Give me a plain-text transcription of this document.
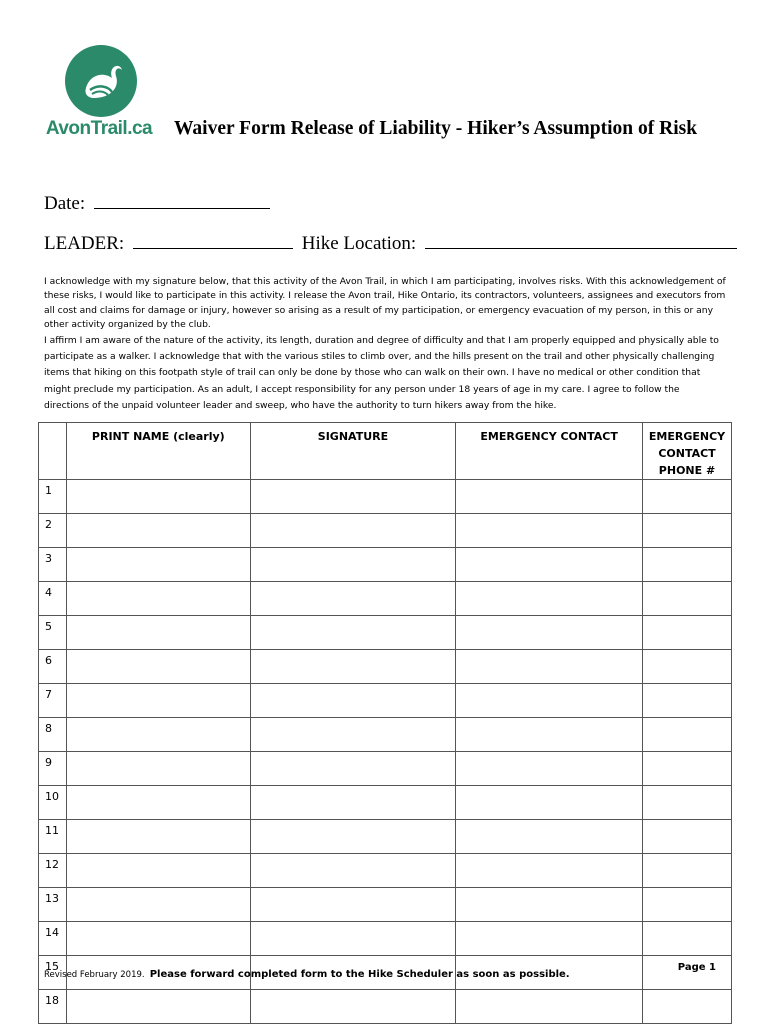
AvonTrail.ca Waiver Form Release of Liability - Hiker’s Assumption of Risk
Date:
LEADER:	Hike Location:

I acknowledge with my signature below, that this activity of the Avon Trail, in which I am participating, involves risks. With this acknowledgement of these risks, I would like to participate in this activity. I release the Avon trail, Hike Ontario, its contractors, volunteers, assignees and executors from all cost and claims for damage or injury, however so arising as a result of my participation, or emergency evacuation of my person, in this or any other activity organized by the club.

I affirm I am aware of the nature of the activity, its length, duration and degree of difficulty and that I am properly equipped and physically able to participate as a walker. I acknowledge that with the various stiles to climb over, and the hills present on the trail and other physically challenging items that hiking on this footpath style of trail can only be done by those who can walk on their own. I have no medical or other condition that might preclude my participation. As an adult, I accept responsibility for any person under 18 years of age in my care. I agree to follow the directions of the unpaid volunteer leader and sweep, who have the authority to turn hikers away from the hike.

	PRINT NAME (clearly)	SIGNATURE	EMERGENCY CONTACT	EMERGENCY CONTACT PHONE #
1				
2				
3				
4				
5				
6				
7				
8				
9				
10				
11				
12				
13				
14				
15				
18				
Revised February 2019. Please forward completed form to the Hike Scheduler as soon as possible.
Page 1
